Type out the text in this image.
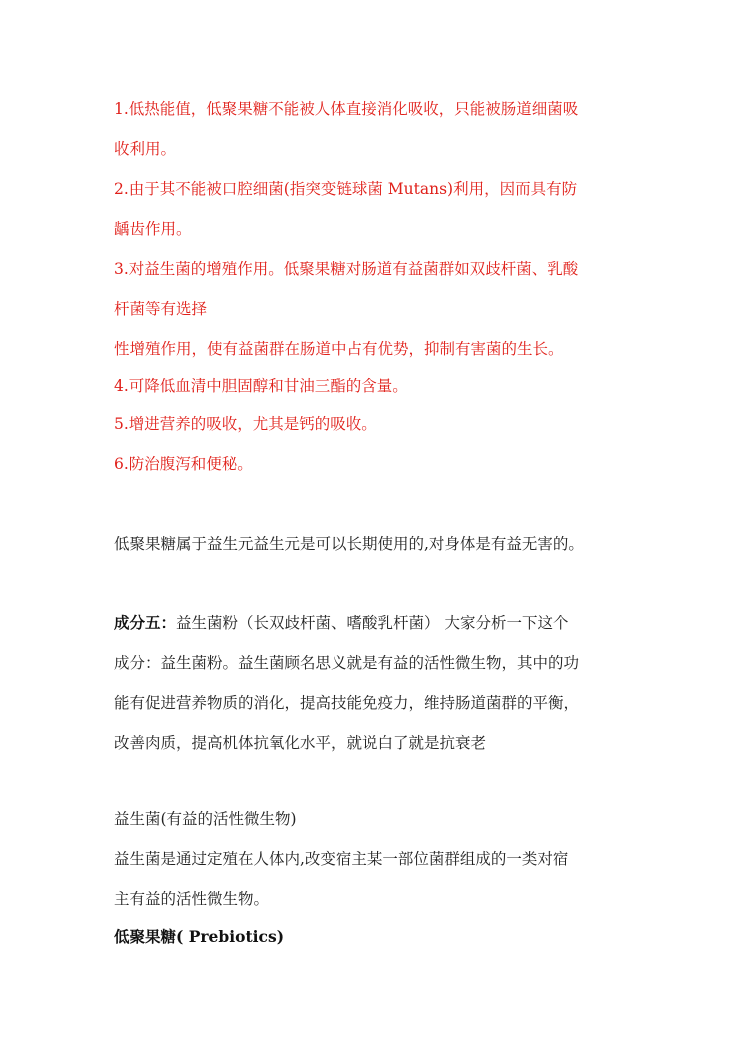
1.低热能值，低聚果糖不能被人体直接消化吸收，只能被肠道细菌吸

收利用。

2.由于其不能被口腔细菌(指突变链球菌 Mutans)利用，因而具有防

龋齿作用。

3.对益生菌的增殖作用。低聚果糖对肠道有益菌群如双歧杆菌、乳酸

杆菌等有选择

性增殖作用，使有益菌群在肠道中占有优势，抑制有害菌的生长。

4.可降低血清中胆固醇和甘油三酯的含量。

5.增进营养的吸收，尤其是钙的吸收。

6.防治腹泻和便秘。

低聚果糖属于益生元益生元是可以长期使用的,对身体是有益无害的。

成分五：益生菌粉（长双歧杆菌、嗜酸乳杆菌） 大家分析一下这个

成分：益生菌粉。益生菌顾名思义就是有益的活性微生物，其中的功

能有促进营养物质的消化，提高技能免疫力，维持肠道菌群的平衡，

改善肉质，提高机体抗氧化水平，就说白了就是抗衰老

益生菌(有益的活性微生物)

益生菌是通过定殖在人体内,改变宿主某一部位菌群组成的一类对宿

主有益的活性微生物。

低聚果糖( Prebiotics)
